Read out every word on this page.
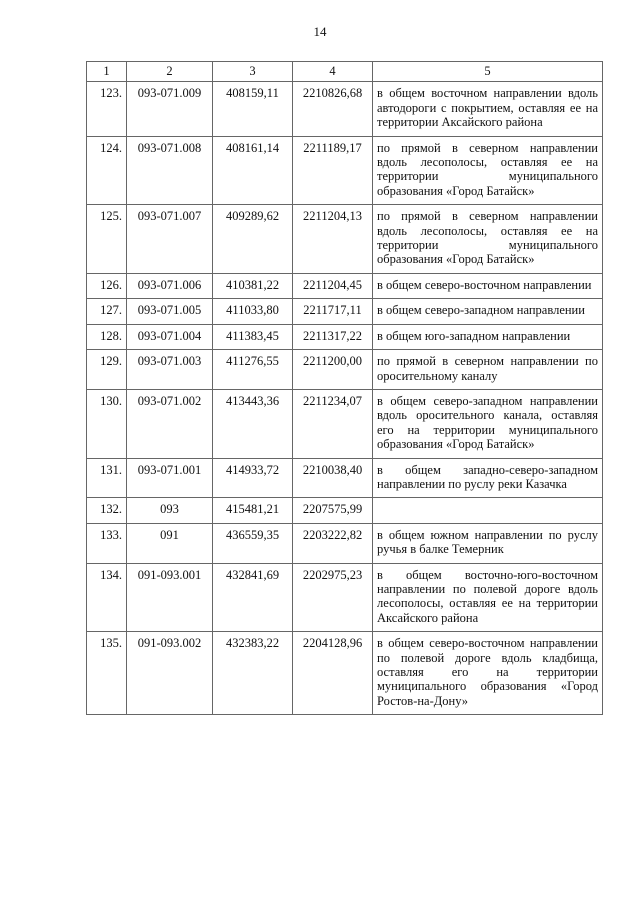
14
1	2	3	4	5
123.	093-071.009	408159,11	2210826,68	в общем восточном направлении вдоль автодороги с покрытием, оставляя ее на территории Аксайского района
124.	093-071.008	408161,14	2211189,17	по прямой в северном направлении вдоль лесополосы, оставляя ее на территории муниципального образования «Город Батайск»
125.	093-071.007	409289,62	2211204,13	по прямой в северном направлении вдоль лесополосы, оставляя ее на территории муниципального образования «Город Батайск»
126.	093-071.006	410381,22	2211204,45	в общем северо-восточном направлении
127.	093-071.005	411033,80	2211717,11	в общем северо-западном направлении
128.	093-071.004	411383,45	2211317,22	в общем юго-западном направлении
129.	093-071.003	411276,55	2211200,00	по прямой в северном направлении по оросительному каналу
130.	093-071.002	413443,36	2211234,07	в общем северо-западном направлении вдоль оросительного канала, оставляя его на территории муниципального образования «Город Батайск»
131.	093-071.001	414933,72	2210038,40	в общем западно-северо-западном направлении по руслу реки Казачка
132.	093	415481,21	2207575,99	
133.	091	436559,35	2203222,82	в общем южном направлении по руслу ручья в балке Темерник
134.	091-093.001	432841,69	2202975,23	в общем восточно-юго-восточном направлении по полевой дороге вдоль лесополосы, оставляя ее на территории Аксайского района
135.	091-093.002	432383,22	2204128,96	в общем северо-восточном направлении по полевой дороге вдоль кладбища, оставляя его на территории муниципального образования «Город Ростов-на-Дону»
